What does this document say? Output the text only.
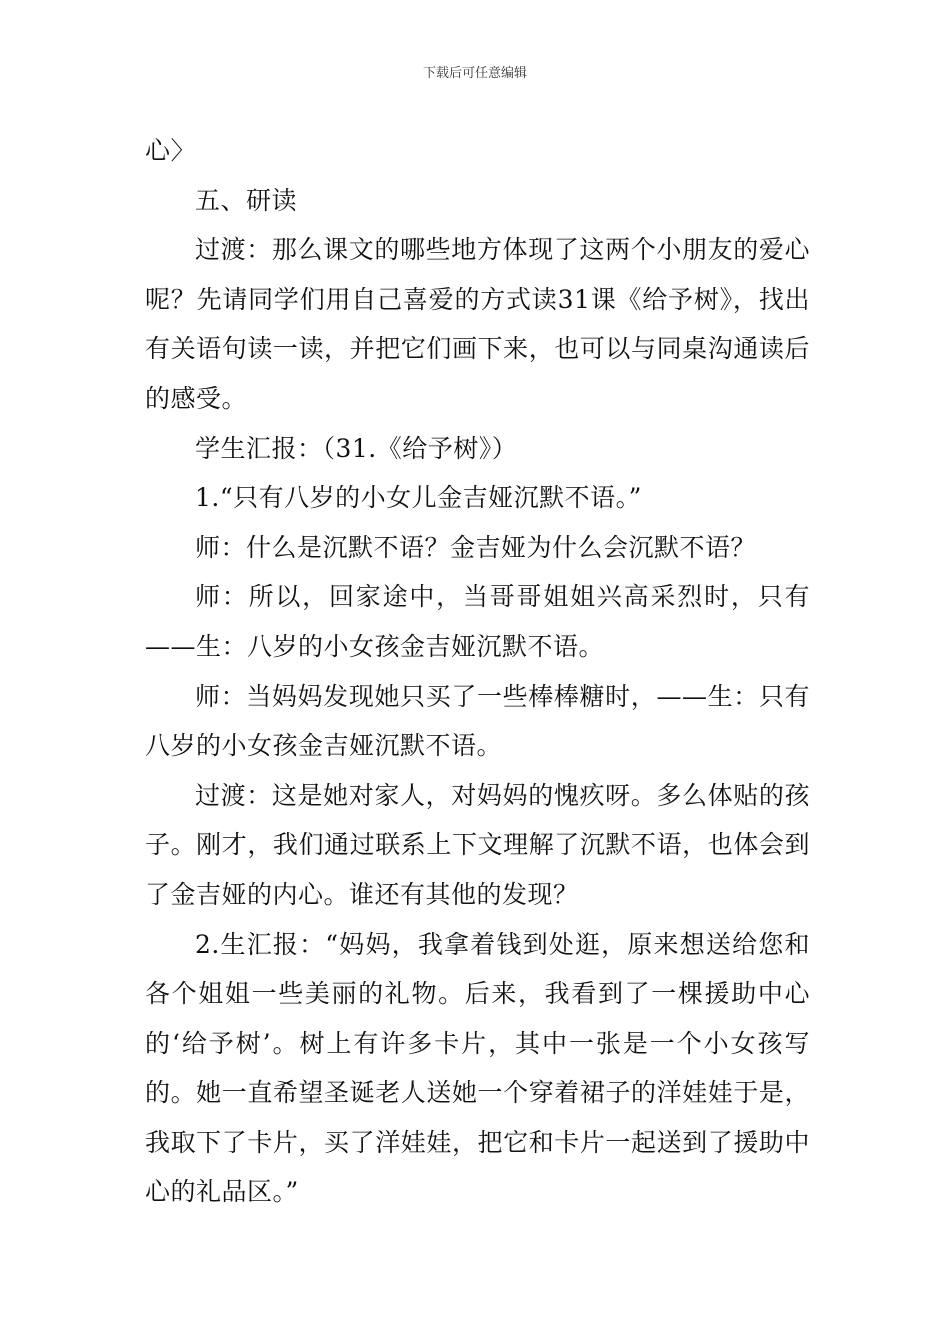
下载后可任意编辑

心〉

五、研读

过渡：那么课文的哪些地方体现了这两个小朋友的爱心呢？先请同学们用自己喜爱的方式读31课《给予树》，找出有关语句读一读，并把它们画下来，也可以与同桌沟通读后的感受。

学生汇报：（31.《给予树》）

1.“只有八岁的小女儿金吉娅沉默不语。”

师：什么是沉默不语？金吉娅为什么会沉默不语？

师：所以，回家途中，当哥哥姐姐兴高采烈时，只有——生：八岁的小女孩金吉娅沉默不语。

师：当妈妈发现她只买了一些棒棒糖时，——生：只有八岁的小女孩金吉娅沉默不语。

过渡：这是她对家人，对妈妈的愧疚呀。多么体贴的孩子。刚才，我们通过联系上下文理解了沉默不语，也体会到了金吉娅的内心。谁还有其他的发现？

2.生汇报：“妈妈，我拿着钱到处逛，原来想送给您和各个姐姐一些美丽的礼物。后来，我看到了一棵援助中心的‘给予树’。树上有许多卡片，其中一张是一个小女孩写的。她一直希望圣诞老人送她一个穿着裙子的洋娃娃于是，我取下了卡片，买了洋娃娃，把它和卡片一起送到了援助中心的礼品区。”
